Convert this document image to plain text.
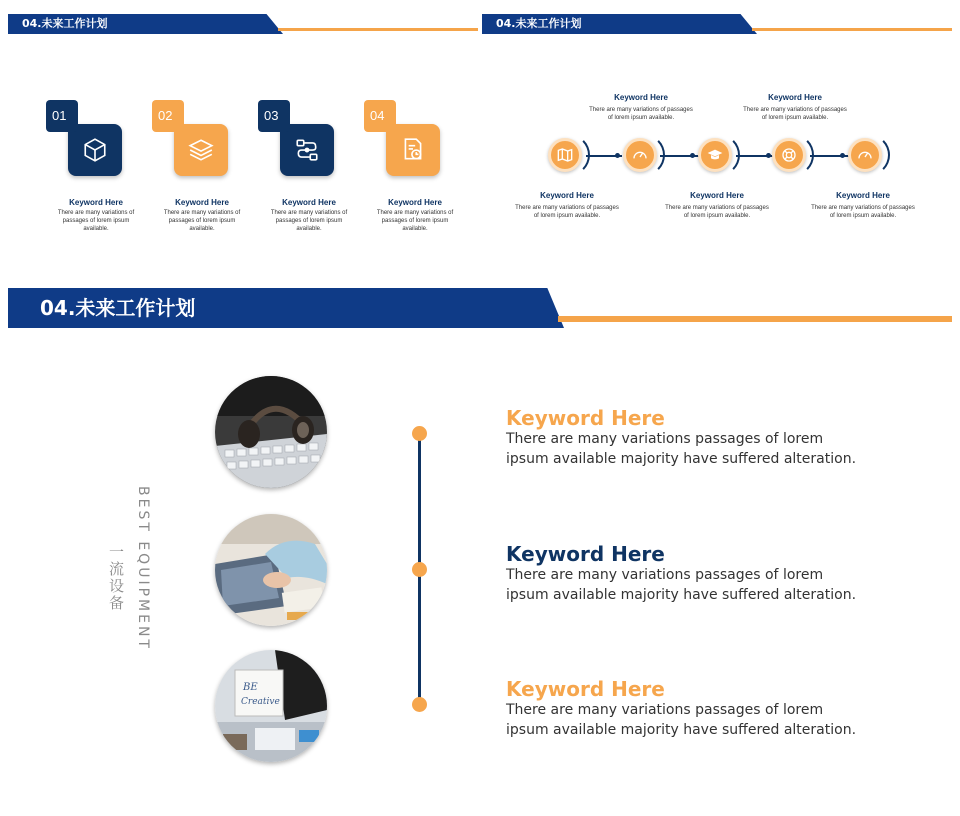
04.未来工作计划
01
Keyword Here
There are many variations of passages of lorem ipsum available.
02
Keyword Here
There are many variations of passages of lorem ipsum available.
03
Keyword Here
There are many variations of passages of lorem ipsum available.
04
Keyword Here
There are many variations of passages of lorem ipsum available.
04.未来工作计划
Keyword Here
There are many variations of passages of lorem ipsum available.
Keyword Here
There are many variations of passages of lorem ipsum available.
Keyword Here
There are many variations of passages of lorem ipsum available.
Keyword Here
There are many variations of passages of lorem ipsum available.
Keyword Here
There are many variations of passages of lorem ipsum available.
04.未来工作计划
BEST EQUIPMENT
一流设备
BE
Creative
Keyword Here
There are many variations passages of lorem ipsum available majority have suffered alteration.
Keyword Here
There are many variations passages of lorem ipsum available majority have suffered alteration.
Keyword Here
There are many variations passages of lorem ipsum available majority have suffered alteration.
